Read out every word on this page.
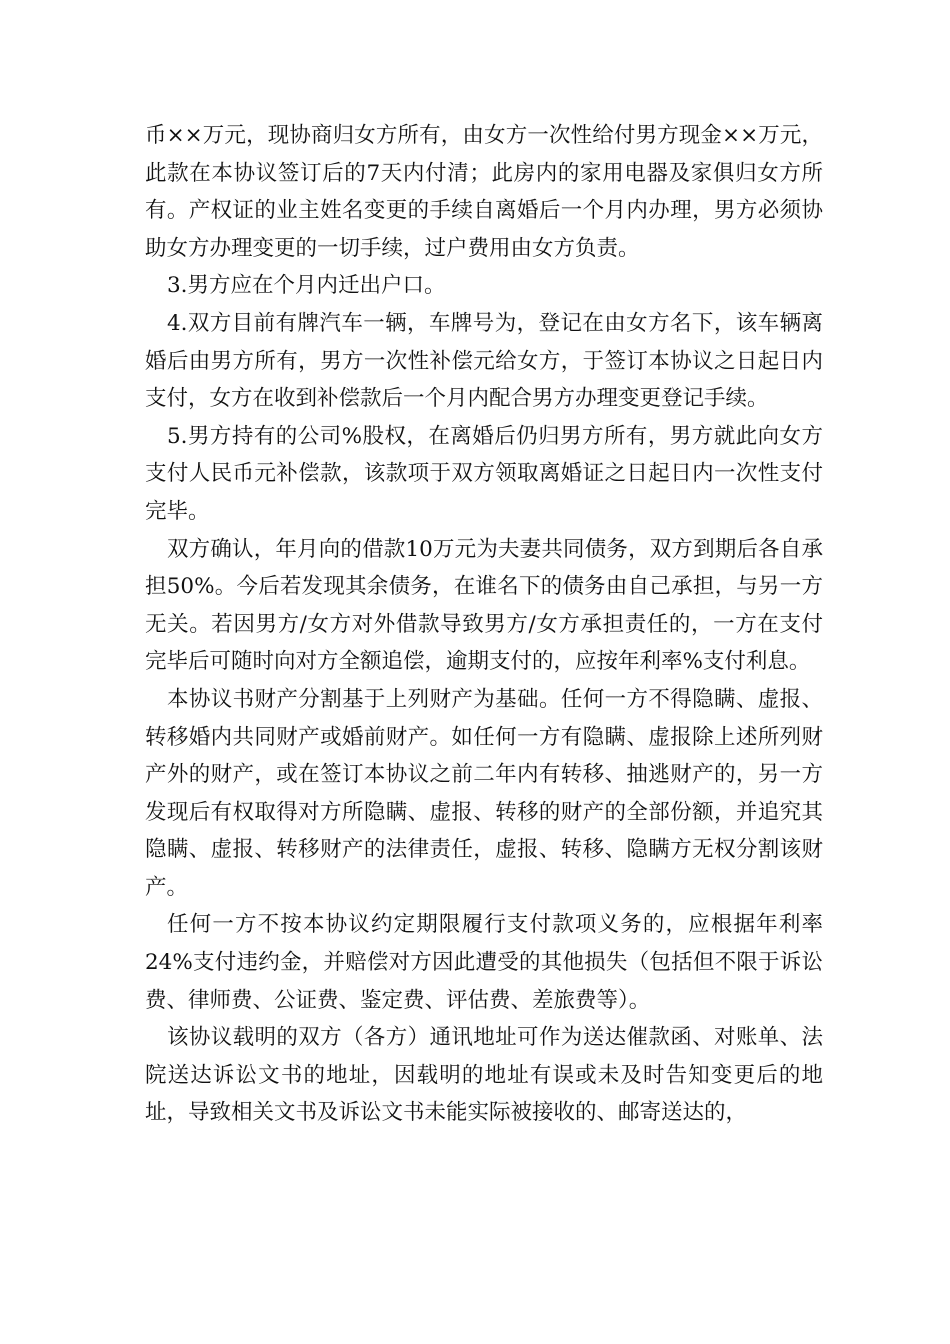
币××万元，现协商归女方所有，由女方一次性给付男方现金××万元，此款在本协议签订后的7天内付清；此房内的家用电器及家俱归女方所有。产权证的业主姓名变更的手续自离婚后一个月内办理，男方必须协助女方办理变更的一切手续，过户费用由女方负责。

3.男方应在个月内迁出户口。

4.双方目前有牌汽车一辆，车牌号为，登记在由女方名下，该车辆离婚后由男方所有，男方一次性补偿元给女方，于签订本协议之日起日内支付，女方在收到补偿款后一个月内配合男方办理变更登记手续。

5.男方持有的公司%股权，在离婚后仍归男方所有，男方就此向女方支付人民币元补偿款，该款项于双方领取离婚证之日起日内一次性支付完毕。

双方确认，年月向的借款10万元为夫妻共同债务，双方到期后各自承担50%。今后若发现其余债务，在谁名下的债务由自己承担，与另一方无关。若因男方/女方对外借款导致男方/女方承担责任的，一方在支付完毕后可随时向对方全额追偿，逾期支付的，应按年利率%支付利息。

本协议书财产分割基于上列财产为基础。任何一方不得隐瞒、虚报、转移婚内共同财产或婚前财产。如任何一方有隐瞒、虚报除上述所列财产外的财产，或在签订本协议之前二年内有转移、抽逃财产的，另一方发现后有权取得对方所隐瞒、虚报、转移的财产的全部份额，并追究其隐瞒、虚报、转移财产的法律责任，虚报、转移、隐瞒方无权分割该财产。

任何一方不按本协议约定期限履行支付款项义务的，应根据年利率24%支付违约金，并赔偿对方因此遭受的其他损失（包括但不限于诉讼费、律师费、公证费、鉴定费、评估费、差旅费等）。

该协议载明的双方（各方）通讯地址可作为送达催款函、对账单、法院送达诉讼文书的地址，因载明的地址有误或未及时告知变更后的地址，导致相关文书及诉讼文书未能实际被接收的、邮寄送达的，
